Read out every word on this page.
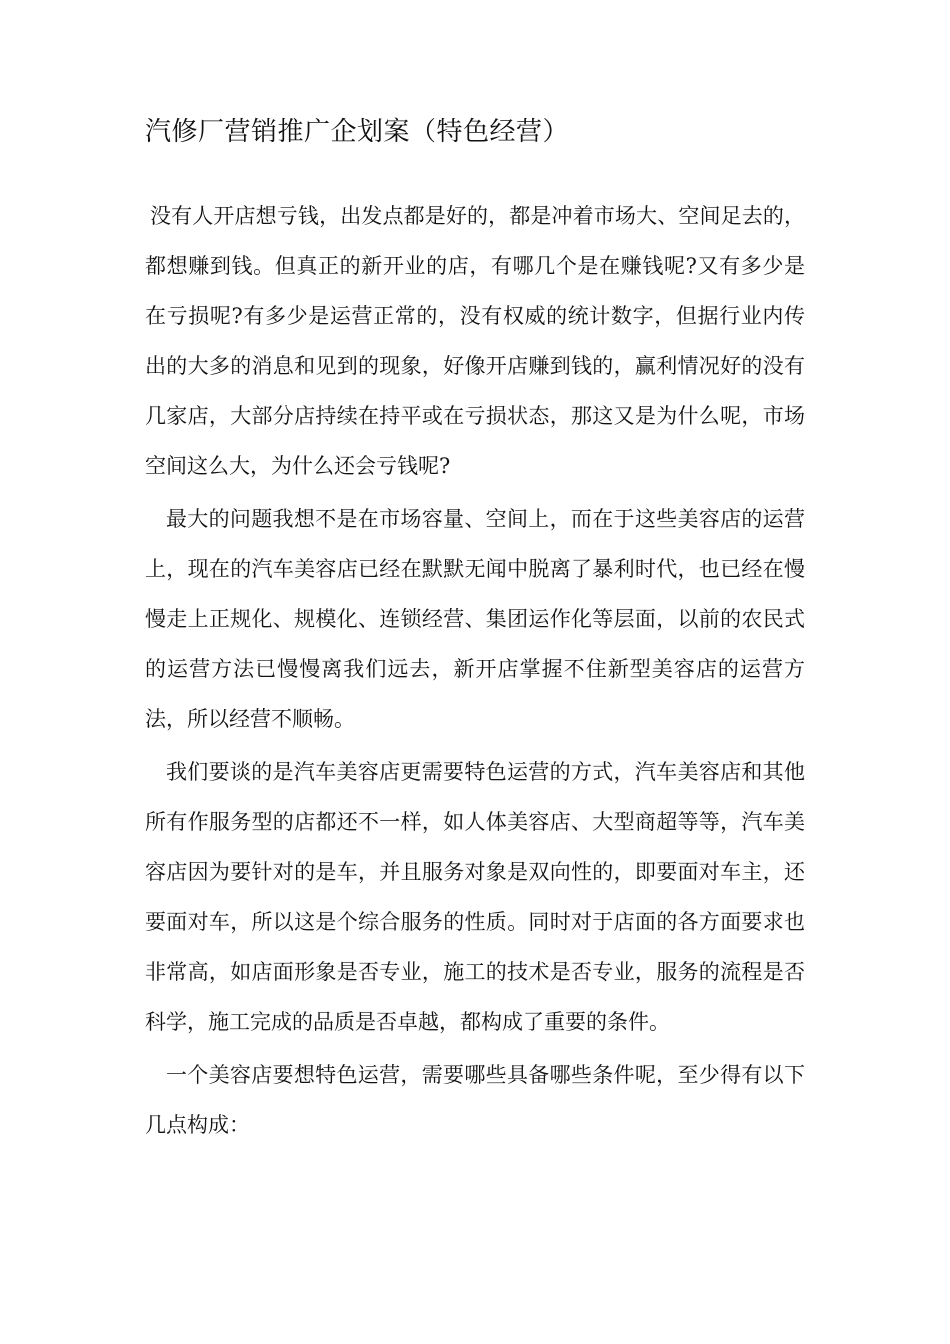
汽修厂营销推广企划案（特色经营）

没有人开店想亏钱，出发点都是好的，都是冲着市场大、空间足去的，都想赚到钱。但真正的新开业的店，有哪几个是在赚钱呢?又有多少是在亏损呢?有多少是运营正常的，没有权威的统计数字，但据行业内传出的大多的消息和见到的现象，好像开店赚到钱的，赢利情况好的没有几家店，大部分店持续在持平或在亏损状态，那这又是为什么呢，市场空间这么大，为什么还会亏钱呢?

最大的问题我想不是在市场容量、空间上，而在于这些美容店的运营上，现在的汽车美容店已经在默默无闻中脱离了暴利时代，也已经在慢慢走上正规化、规模化、连锁经营、集团运作化等层面，以前的农民式的运营方法已慢慢离我们远去，新开店掌握不住新型美容店的运营方法，所以经营不顺畅。

我们要谈的是汽车美容店更需要特色运营的方式，汽车美容店和其他所有作服务型的店都还不一样，如人体美容店、大型商超等等，汽车美容店因为要针对的是车，并且服务对象是双向性的，即要面对车主，还要面对车，所以这是个综合服务的性质。同时对于店面的各方面要求也非常高，如店面形象是否专业，施工的技术是否专业，服务的流程是否科学，施工完成的品质是否卓越，都构成了重要的条件。

一个美容店要想特色运营，需要哪些具备哪些条件呢，至少得有以下几点构成：
